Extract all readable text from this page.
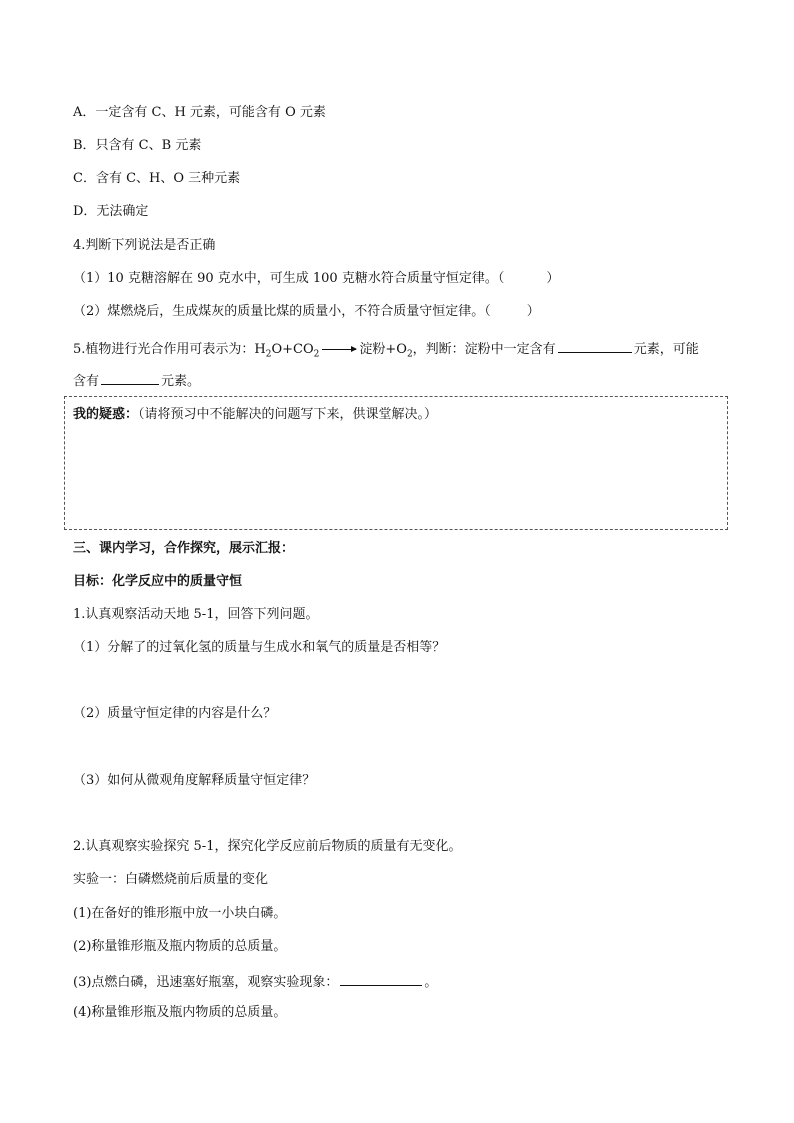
A．一定含有 C、H 元素，可能含有 O 元素
B．只含有 C、B 元素
C．含有 C、H、O 三种元素
D．无法确定
4.判断下列说法是否正确
（1）10 克糖溶解在 90 克水中，可生成 100 克糖水符合质量守恒定律。（	）
（2）煤燃烧后，生成煤灰的质量比煤的质量小，不符合质量守恒定律。（	）
5.植物进行光合作用可表示为：$H_2O+CO_2$ → 淀粉$+O_2$，判断：淀粉中一定含有	元素，可能
含有	元素。
我的疑惑：（请将预习中不能解决的问题写下来，供课堂解决。）
三、课内学习，合作探究，展示汇报：
目标：化学反应中的质量守恒
1.认真观察活动天地 5-1，回答下列问题。
（1）分解了的过氧化氢的质量与生成水和氧气的质量是否相等？
（2）质量守恒定律的内容是什么？
（3）如何从微观角度解释质量守恒定律？
2.认真观察实验探究 5-1，探究化学反应前后物质的质量有无变化。
实验一：白磷燃烧前后质量的变化
(1)在备好的锥形瓶中放一小块白磷。
(2)称量锥形瓶及瓶内物质的总质量。
(3)点燃白磷，迅速塞好瓶塞，观察实验现象：	。
(4)称量锥形瓶及瓶内物质的总质量。
